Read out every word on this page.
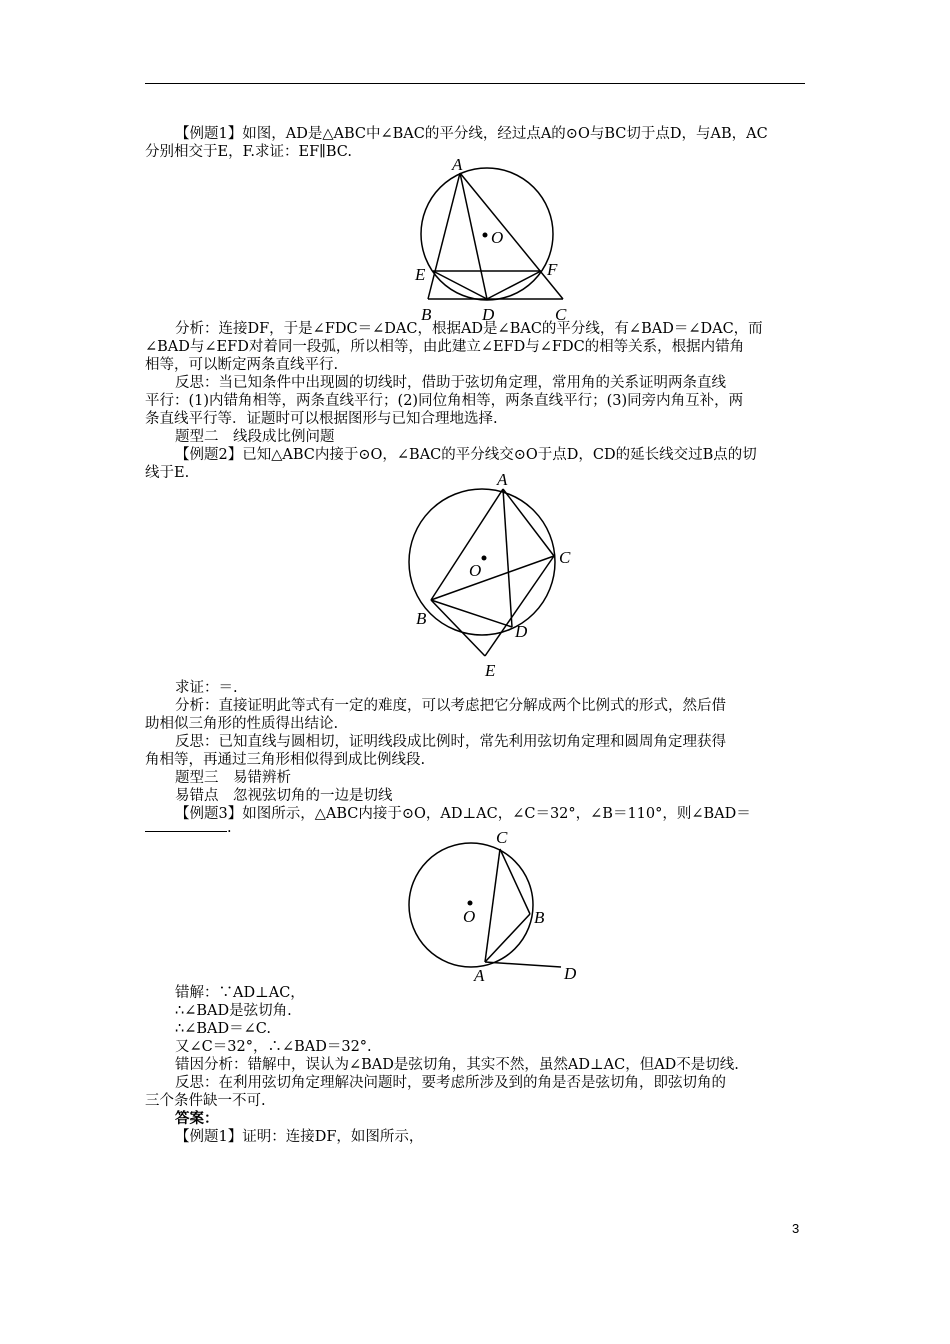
【例题1】如图，AD是△ABC中∠BAC的平分线，经过点A的⊙O与BC切于点D，与AB，AC
分别相交于E，F.求证：EF∥BC.
A
O
E	F
B	D	C
分析：连接DF，于是∠FDC＝∠DAC，根据AD是∠BAC的平分线，有∠BAD＝∠DAC，而
∠BAD与∠EFD对着同一段弧，所以相等，由此建立∠EFD与∠FDC的相等关系，根据内错角
相等，可以断定两条直线平行.
反思：当已知条件中出现圆的切线时，借助于弦切角定理，常用角的关系证明两条直线
平行：(1)内错角相等，两条直线平行；(2)同位角相等，两条直线平行；(3)同旁内角互补，两
条直线平行等．证题时可以根据图形与已知合理地选择.
题型二　线段成比例问题
【例题2】已知△ABC内接于⊙O，∠BAC的平分线交⊙O于点D，CD的延长线交过B点的切
线于E.	A
O
C
B
D
E
求证：＝.
分析：直接证明此等式有一定的难度，可以考虑把它分解成两个比例式的形式，然后借
助相似三角形的性质得出结论.
反思：已知直线与圆相切，证明线段成比例时，常先利用弦切角定理和圆周角定理获得
角相等，再通过三角形相似得到成比例线段.
题型三　易错辨析
易错点　忽视弦切角的一边是切线
【例题3】如图所示，△ABC内接于⊙O，AD⊥AC，∠C＝32°，∠B＝110°，则∠BAD＝
.	C
O	B
A	D
错解：∵AD⊥AC，
∴∠BAD是弦切角.
∴∠BAD＝∠C.
又∠C＝32°，∴∠BAD＝32°.
错因分析：错解中，误认为∠BAD是弦切角，其实不然，虽然AD⊥AC，但AD不是切线.
反思：在利用弦切角定理解决问题时，要考虑所涉及到的角是否是弦切角，即弦切角的
三个条件缺一不可.
答案：
【例题1】证明：连接DF，如图所示，
3
